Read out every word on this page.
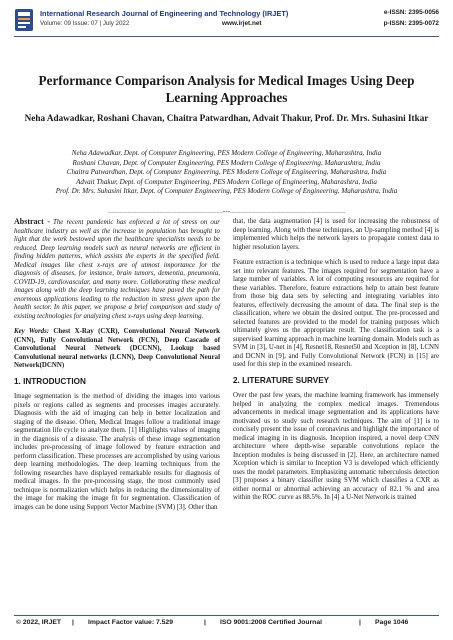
International Research Journal of Engineering and Technology (IRJET)
Volume: 09 Issue: 07 | July 2022	www.irjet.net
e-ISSN: 2395-0056
p-ISSN: 2395-0072
Performance Comparison Analysis for Medical Images Using Deep Learning Approaches
Neha Adawadkar, Roshani Chavan, Chaitra Patwardhan, Advait Thakur, Prof. Dr. Mrs. Suhasini Itkar
Neha Adawadkar, Dept. of Computer Engineering, PES Modern College of Engineering, Maharashtra, India
Roshani Chavan, Dept. of Computer Engineering, PES Modern College of Engineering, Maharashtra, India
Chaitra Patwardhan, Dept. of Computer Engineering, PES Modern College of Engineering, Maharashtra, India
Advait Thakur, Dept. of Computer Engineering, PES Modern College of Engineering, Maharashtra, India
Prof. Dr. Mrs. Suhasini Itkar, Dept. of Computer Engineering, PES Modern College of Engineering, Maharashtra, India
---------------------------------------------------------------------***---------------------------------------------------------------------

Abstract - The recent pandemic has enforced a lot of stress on our healthcare industry as well as the increase in population has brought to light that the work bestowed upon the healthcare specialists needs to be reduced. Deep learning models such as neural networks are efficient in finding hidden patterns, which assists the experts in the specified field. Medical images like chest x-rays are of utmost importance for the diagnosis of diseases, for instance, brain tumors, dementia, pneumonia, COVID-19, cardiovascular, and many more. Collaborating these medical images along with the deep learning techniques have paved the path for enormous applications leading to the reduction in stress given upon the health sector. In this paper, we propose a brief comparison and study of existing technologies for analyzing chest x-rays using deep learning.

Key Words: Chest X-Ray (CXR), Convolutional Neural Network (CNN), Fully Convolutional Network (FCN), Deep Cascade of Convolutional Neural Network (DCCNN), Lookup based Convolutional neural networks (LCNN), Deep Convolutional Neural Network(DCNN)

1. INTRODUCTION

Image segmentation is the method of dividing the images into various pixels or regions called as segments and processes images accurately. Diagnosis with the aid of imaging can help in better localization and staging of the disease. Often, Medical Images follow a traditional image segmentation life cycle to analyze them. [1] Highlights values of imaging in the diagnosis of a disease. The analysis of these image segmentation includes pre-processing of image followed by feature extraction and perform classification. These processes are accomplished by using various deep learning methodologies. The deep learning techniques from the following researches have displayed remarkable results for diagnosis of medical images. In the pre-processing stage, the most commonly used technique is normalization which helps in reducing the dimensionality of the image for making the image fit for segmentation. Classification of images can be done using Support Vector Machine (SVM) [3]. Other than

that, the data augmentation [4] is used for increasing the robustness of deep learning. Along with these techniques, an Up-sampling method [4] is implemented which helps the network layers to propagate context data to higher resolution layers.

Feature extraction is a technique which is used to reduce a large input data set into relevant features. The images required for segmentation have a large number of variables. A lot of computing resources are required for these variables. Therefore, feature extractions help to attain best feature from those big data sets by selecting and integrating variables into features, effectively decreasing the amount of data. The final step is the classification, where we obtain the desired output. The pre-processed and selected features are provided to the model for training purposes which ultimately gives us the appropriate result. The classification task is a supervised learning approach in machine learning domain. Models such as SVM in [3], U-net in [4], Resnet18, Resnet50 and Xception in [8], LCNN and DCNN in [9], and Fully Convolutional Network (FCN) in [15] are used for this step in the examined research.

2. LITERATURE SURVEY

Over the past few years, the machine learning framework has immensely helped in analyzing the complex medical images. Tremendous advancements in medical image segmentation and its applications have motivated us to study such research techniques. The aim of [1] is to concisely present the issue of coronavirus and highlight the importance of medical imaging in its diagnosis. Inception inspired, a novel deep CNN architecture where depth-wise separable convolutions replace the Inception modules is being discussed in [2]. Here, an architecture named Xception which is similar to Inception V3 is developed which efficiently uses the model parameters. Emphasizing automatic tuberculosis detection [3] proposes a binary classifier using SVM which classifies a CXR as either normal or abnormal achieving an accuracy of 82.1 % and area within the ROC curve as 88.5%. In [4] a U-Net Network is trained

© 2022, IRJET | Impact Factor value: 7.529	| ISO 9001:2008 Certified Journal	| Page 1046
